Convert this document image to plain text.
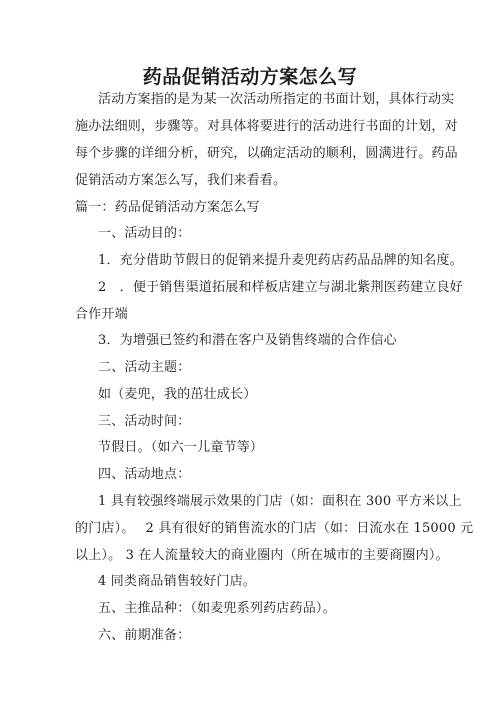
药品促销活动方案怎么写
活动方案指的是为某一次活动所指定的书面计划，具体行动实
施办法细则，步骤等。对具体将要进行的活动进行书面的计划，对
每个步骤的详细分析，研究，以确定活动的顺利，圆满进行。药品
促销活动方案怎么写，我们来看看。
篇一：药品促销活动方案怎么写
一、活动目的：
1．充分借助节假日的促销来提升麦兜药店药品品牌的知名度。
2　．便于销售渠道拓展和样板店建立与湖北紫荆医药建立良好
合作开端
3．为增强已签约和潜在客户及销售终端的合作信心
二、活动主题：
如（麦兜，我的茁壮成长）
三、活动时间：
节假日。（如六一儿童节等）
四、活动地点：
1 具有较强终端展示效果的门店（如：面积在 300 平方米以上
的门店）。　 2 具有很好的销售流水的门店（如：日流水在 15000 元
以上）。 3 在人流量较大的商业圈内（所在城市的主要商圈内）。
4 同类商品销售较好门店。
五、主推品种：（如麦兜系列药店药品）。
六、前期准备：
